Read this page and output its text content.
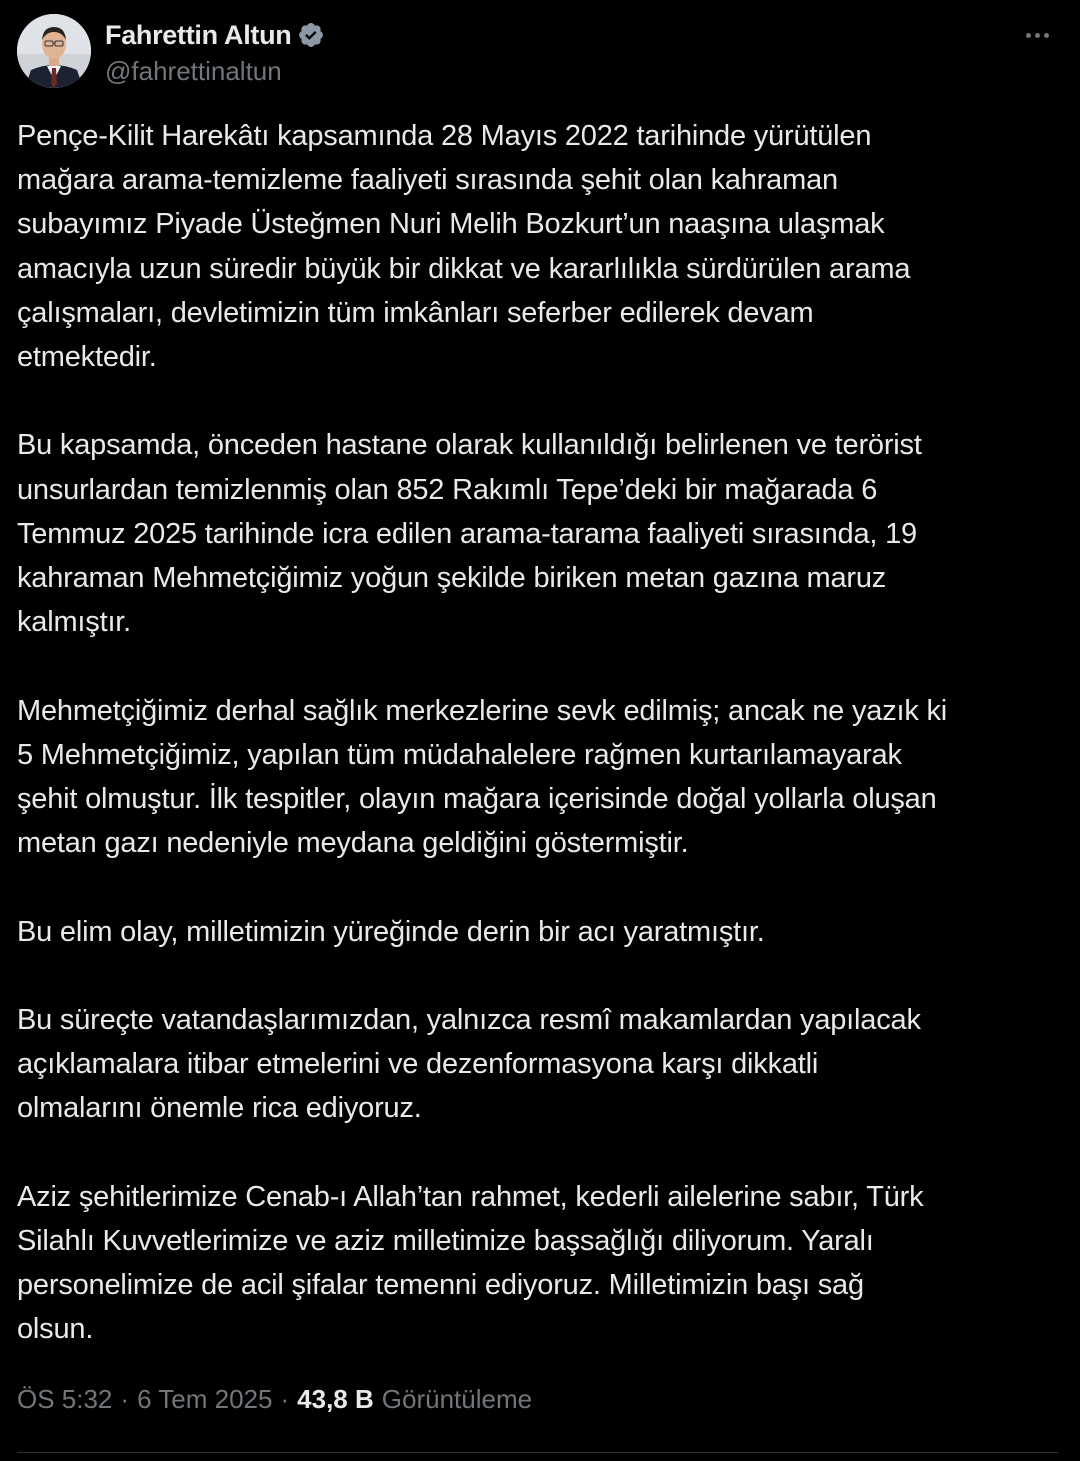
Fahrettin Altun
@fahrettinaltun

Pençe-Kilit Harekâtı kapsamında 28 Mayıs 2022 tarihinde yürütülen
mağara arama-temizleme faaliyeti sırasında şehit olan kahraman
subayımız Piyade Üsteğmen Nuri Melih Bozkurt’un naaşına ulaşmak
amacıyla uzun süredir büyük bir dikkat ve kararlılıkla sürdürülen arama
çalışmaları, devletimizin tüm imkânları seferber edilerek devam
etmektedir.

Bu kapsamda, önceden hastane olarak kullanıldığı belirlenen ve terörist
unsurlardan temizlenmiş olan 852 Rakımlı Tepe’deki bir mağarada 6
Temmuz 2025 tarihinde icra edilen arama-tarama faaliyeti sırasında, 19
kahraman Mehmetçiğimiz yoğun şekilde biriken metan gazına maruz
kalmıştır.

Mehmetçiğimiz derhal sağlık merkezlerine sevk edilmiş; ancak ne yazık ki
5 Mehmetçiğimiz, yapılan tüm müdahalelere rağmen kurtarılamayarak
şehit olmuştur. İlk tespitler, olayın mağara içerisinde doğal yollarla oluşan
metan gazı nedeniyle meydana geldiğini göstermiştir.

Bu elim olay, milletimizin yüreğinde derin bir acı yaratmıştır.

Bu süreçte vatandaşlarımızdan, yalnızca resmî makamlardan yapılacak
açıklamalara itibar etmelerini ve dezenformasyona karşı dikkatli
olmalarını önemle rica ediyoruz.

Aziz şehitlerimize Cenab-ı Allah’tan rahmet, kederli ailelerine sabır, Türk
Silahlı Kuvvetlerimize ve aziz milletimize başsağlığı diliyorum. Yaralı
personelimize de acil şifalar temenni ediyoruz. Milletimizin başı sağ
olsun.

ÖS 5:32 · 6 Tem 2025 · 43,8 B Görüntüleme
